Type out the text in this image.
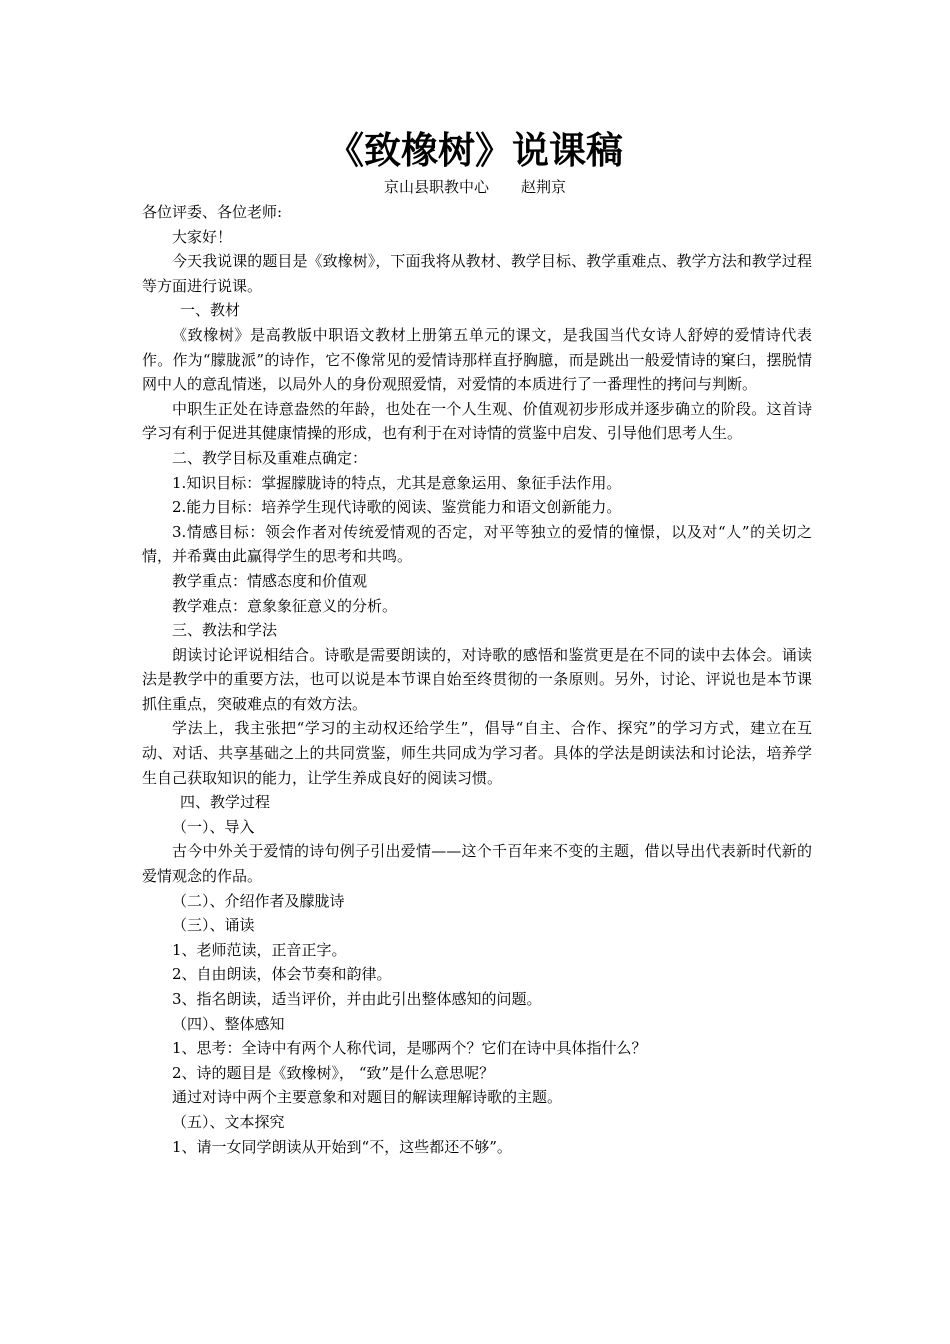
《致橡树》说课稿
京山县职教中心 赵荆京

各位评委、各位老师:

大家好！

今天我说课的题目是《致橡树》，下面我将从教材、教学目标、教学重难点、教学方法和教学过程等方面进行说课。

一、教材

《致橡树》是高教版中职语文教材上册第五单元的课文，是我国当代女诗人舒婷的爱情诗代表作。作为“朦胧派”的诗作，它不像常见的爱情诗那样直抒胸臆，而是跳出一般爱情诗的窠臼，摆脱情网中人的意乱情迷，以局外人的身份观照爱情，对爱情的本质进行了一番理性的拷问与判断。

中职生正处在诗意盎然的年龄，也处在一个人生观、价值观初步形成并逐步确立的阶段。这首诗学习有利于促进其健康情操的形成，也有利于在对诗情的赏鉴中启发、引导他们思考人生。

二、教学目标及重难点确定：

1.知识目标：掌握朦胧诗的特点，尤其是意象运用、象征手法作用。

2.能力目标：培养学生现代诗歌的阅读、鉴赏能力和语文创新能力。

3.情感目标：领会作者对传统爱情观的否定，对平等独立的爱情的憧憬，以及对“人”的关切之情，并希冀由此赢得学生的思考和共鸣。

教学重点：情感态度和价值观

教学难点：意象象征意义的分析。

三、教法和学法

朗读讨论评说相结合。诗歌是需要朗读的，对诗歌的感悟和鉴赏更是在不同的读中去体会。诵读法是教学中的重要方法，也可以说是本节课自始至终贯彻的一条原则。另外，讨论、评说也是本节课抓住重点，突破难点的有效方法。

学法上，我主张把“学习的主动权还给学生”，倡导“自主、合作、探究”的学习方式，建立在互动、对话、共享基础之上的共同赏鉴，师生共同成为学习者。具体的学法是朗读法和讨论法，培养学生自己获取知识的能力，让学生养成良好的阅读习惯。

四、教学过程

（一）、导入

古今中外关于爱情的诗句例子引出爱情——这个千百年来不变的主题，借以导出代表新时代新的爱情观念的作品。

（二）、介绍作者及朦胧诗

（三）、诵读

1、老师范读，正音正字。

2、自由朗读，体会节奏和韵律。

3、指名朗读，适当评价，并由此引出整体感知的问题。

（四）、整体感知

1、思考：全诗中有两个人称代词，是哪两个？它们在诗中具体指什么？

2、诗的题目是《致橡树》， “致”是什么意思呢？

通过对诗中两个主要意象和对题目的解读理解诗歌的主题。

（五）、文本探究

1、请一女同学朗读从开始到“不，这些都还不够”。
